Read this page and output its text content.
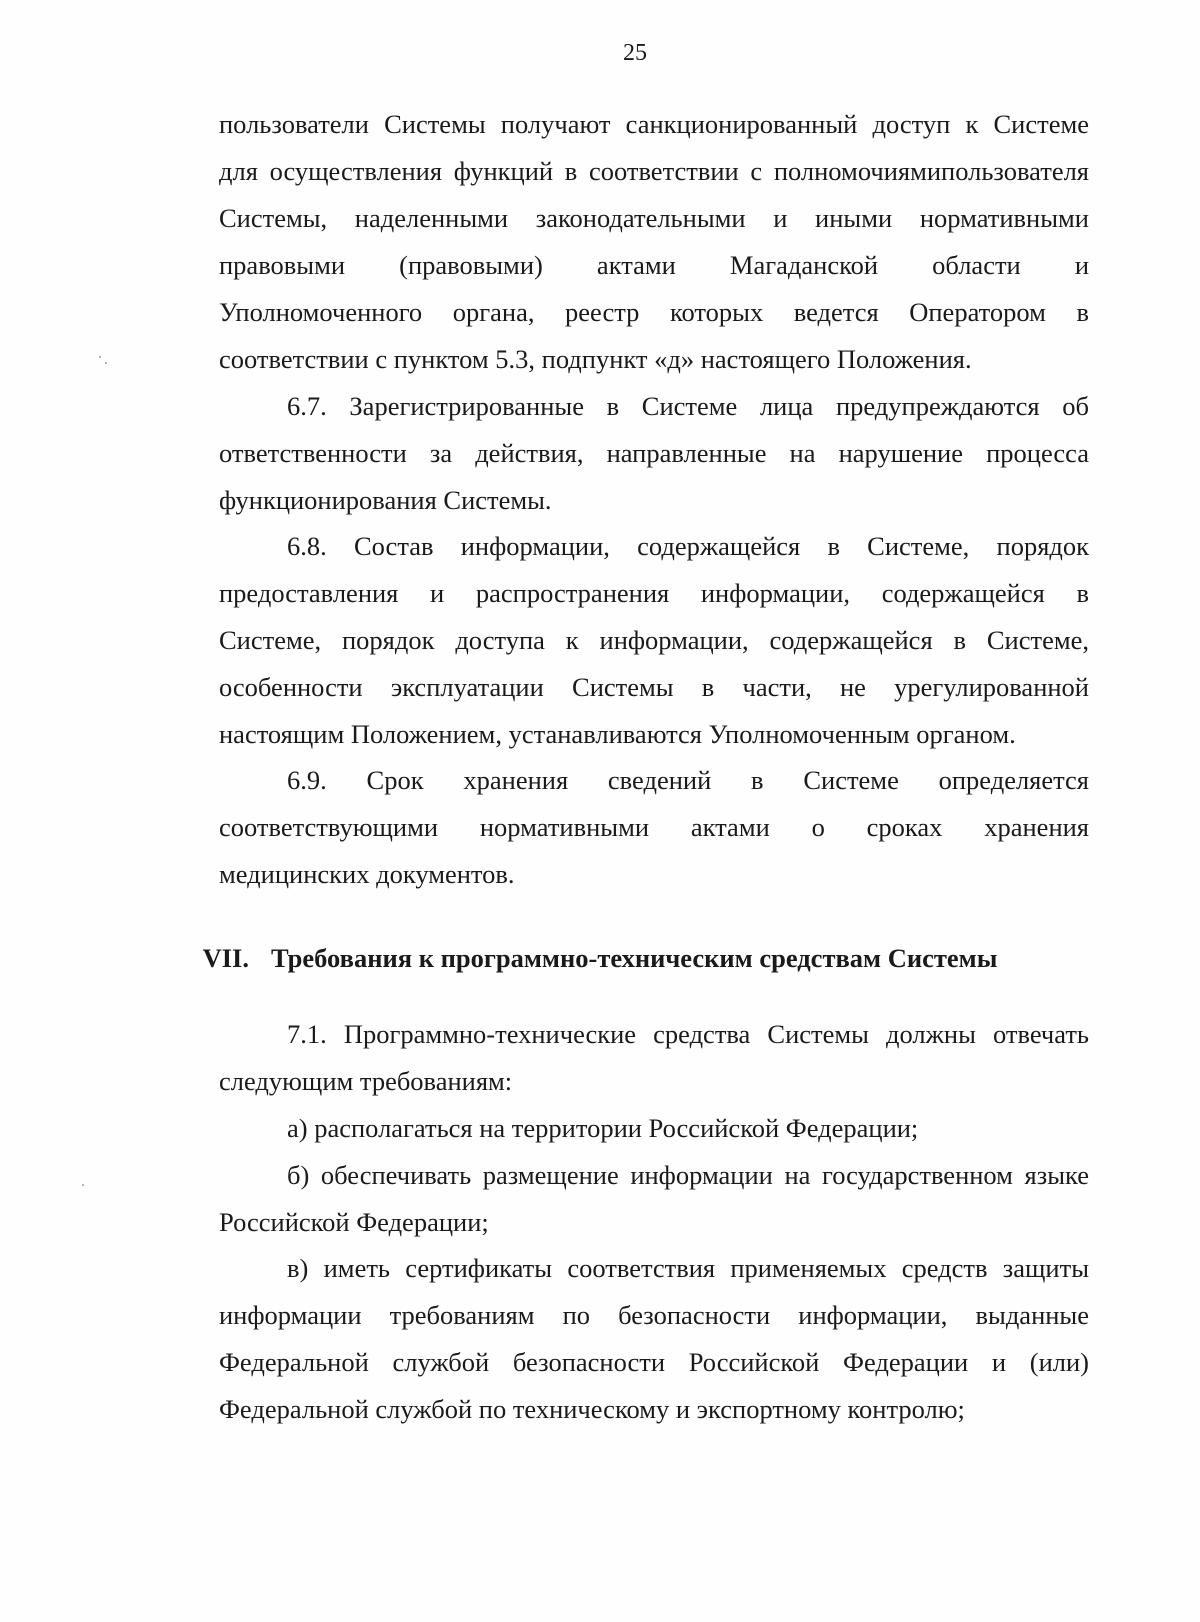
25
пользователи Системы получают санкционированный доступ к Системе
для осуществления функций в соответствии с полномочиямипользователя
Системы, наделенными законодательными и иными нормативными
правовыми (правовыми) актами Магаданской области и
Уполномоченного органа, реестр которых ведется Оператором в
соответствии с пунктом 5.3, подпункт «д» настоящего Положения.
6.7. Зарегистрированные в Системе лица предупреждаются об
ответственности за действия, направленные на нарушение процесса
функционирования Системы.
6.8. Состав информации, содержащейся в Системе, порядок
предоставления и распространения информации, содержащейся в
Системе, порядок доступа к информации, содержащейся в Системе,
особенности эксплуатации Системы в части, не урегулированной
настоящим Положением, устанавливаются Уполномоченным органом.
6.9. Срок хранения сведений в Системе определяется
соответствующими нормативными актами о сроках хранения
медицинских документов.
VII. Требования к программно-техническим средствам Системы
7.1. Программно-технические средства Системы должны отвечать
следующим требованиям:
а) располагаться на территории Российской Федерации;
б) обеспечивать размещение информации на государственном языке
Российской Федерации;
в) иметь сертификаты соответствия применяемых средств защиты
информации требованиям по безопасности информации, выданные
Федеральной службой безопасности Российской Федерации и (или)
Федеральной службой по техническому и экспортному контролю;
